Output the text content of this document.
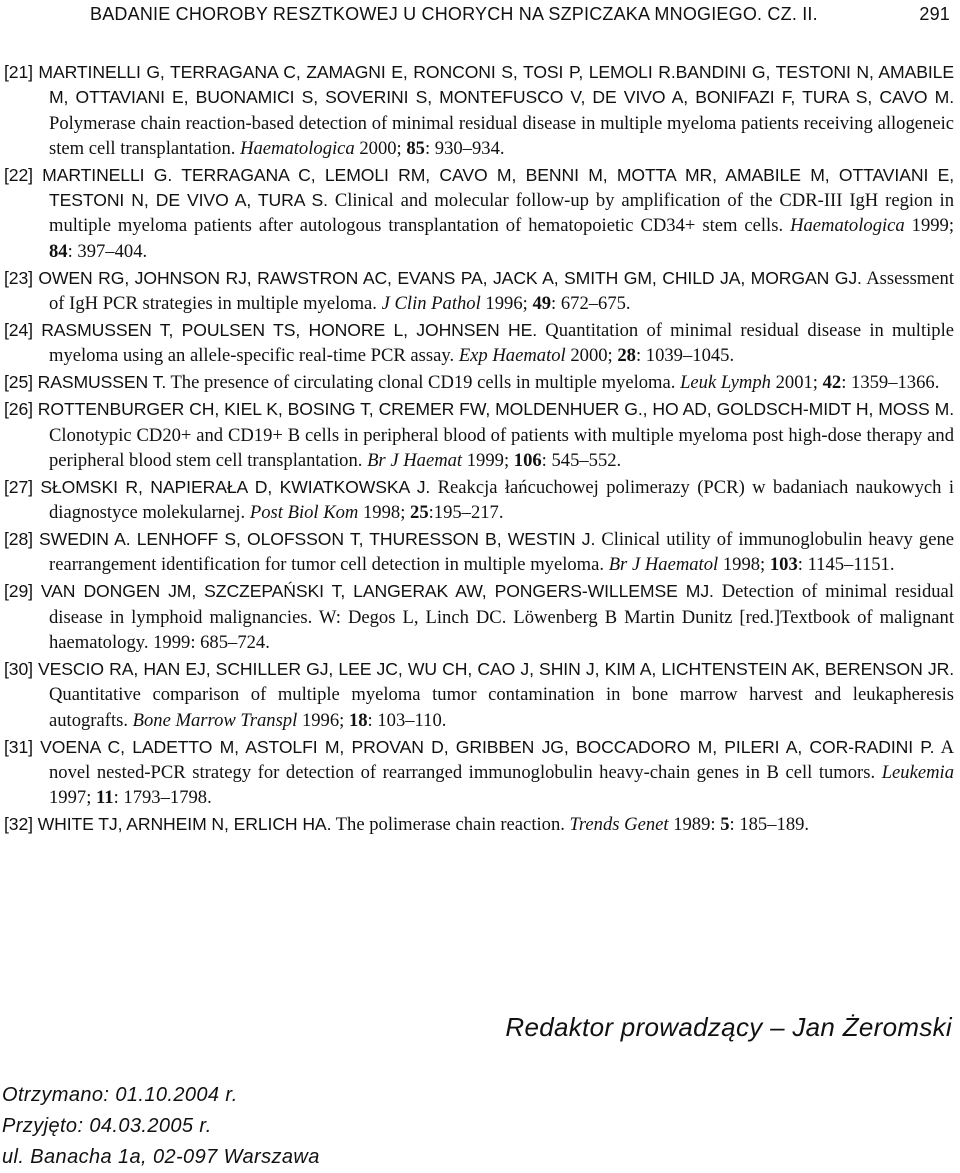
BADANIE CHOROBY RESZTKOWEJ U CHORYCH NA SZPICZAKA MNOGIEGO. CZ. II.	291

[21] MARTINELLI G, TERRAGANA C, ZAMAGNI E, RONCONI S, TOSI P, LEMOLI R.BANDINI G, TESTONI N, AMABILE M, OTTAVIANI E, BUONAMICI S, SOVERINI S, MONTEFUSCO V, DE VIVO A, BONIFAZI F, TURA S, CAVO M. Polymerase chain reaction-based detection of minimal residual disease in multiple myeloma patients receiving allogeneic stem cell transplantation. Haematologica 2000; 85: 930–934.

[22] MARTINELLI G. TERRAGANA C, LEMOLI RM, CAVO M, BENNI M, MOTTA MR, AMABILE M, OTTAVIANI E, TESTONI N, DE VIVO A, TURA S. Clinical and molecular follow-up by amplification of the CDR-III IgH region in multiple myeloma patients after autologous transplantation of hematopoietic CD34+ stem cells. Haematologica 1999; 84: 397–404.

[23] OWEN RG, JOHNSON RJ, RAWSTRON AC, EVANS PA, JACK A, SMITH GM, CHILD JA, MORGAN GJ. Assessment of IgH PCR strategies in multiple myeloma. J Clin Pathol 1996; 49: 672–675.

[24] RASMUSSEN T, POULSEN TS, HONORE L, JOHNSEN HE. Quantitation of minimal residual disease in multiple myeloma using an allele-specific real-time PCR assay. Exp Haematol 2000; 28: 1039–1045.

[25] RASMUSSEN T. The presence of circulating clonal CD19 cells in multiple myeloma. Leuk Lymph 2001; 42: 1359–1366.

[26] ROTTENBURGER CH, KIEL K, BOSING T, CREMER FW, MOLDENHUER G., HO AD, GOLDSCH-MIDT H, MOSS M. Clonotypic CD20+ and CD19+ B cells in peripheral blood of patients with multiple myeloma post high-dose therapy and peripheral blood stem cell transplantation. Br J Haemat 1999; 106: 545–552.

[27] SŁOMSKI R, NAPIERAŁA D, KWIATKOWSKA J. Reakcja łańcuchowej polimerazy (PCR) w badaniach naukowych i diagnostyce molekularnej. Post Biol Kom 1998; 25:195–217.

[28] SWEDIN A. LENHOFF S, OLOFSSON T, THURESSON B, WESTIN J. Clinical utility of immunoglobulin heavy gene rearrangement identification for tumor cell detection in multiple myeloma. Br J Haematol 1998; 103: 1145–1151.

[29] VAN DONGEN JM, SZCZEPAŃSKI T, LANGERAK AW, PONGERS-WILLEMSE MJ. Detection of minimal residual disease in lymphoid malignancies. W: Degos L, Linch DC. Löwenberg B Martin Dunitz [red.]Textbook of malignant haematology. 1999: 685–724.

[30] VESCIO RA, HAN EJ, SCHILLER GJ, LEE JC, WU CH, CAO J, SHIN J, KIM A, LICHTENSTEIN AK, BERENSON JR. Quantitative comparison of multiple myeloma tumor contamination in bone marrow harvest and leukapheresis autografts. Bone Marrow Transpl 1996; 18: 103–110.

[31] VOENA C, LADETTO M, ASTOLFI M, PROVAN D, GRIBBEN JG, BOCCADORO M, PILERI A, COR-RADINI P. A novel nested-PCR strategy for detection of rearranged immunoglobulin heavy-chain genes in B cell tumors. Leukemia 1997; 11: 1793–1798.

[32] WHITE TJ, ARNHEIM N, ERLICH HA. The polimerase chain reaction. Trends Genet 1989: 5: 185–189.

Redaktor prowadzący – Jan Żeromski
Otrzymano: 01.10.2004 r.
Przyjęto: 04.03.2005 r.
ul. Banacha 1a, 02-097 Warszawa
